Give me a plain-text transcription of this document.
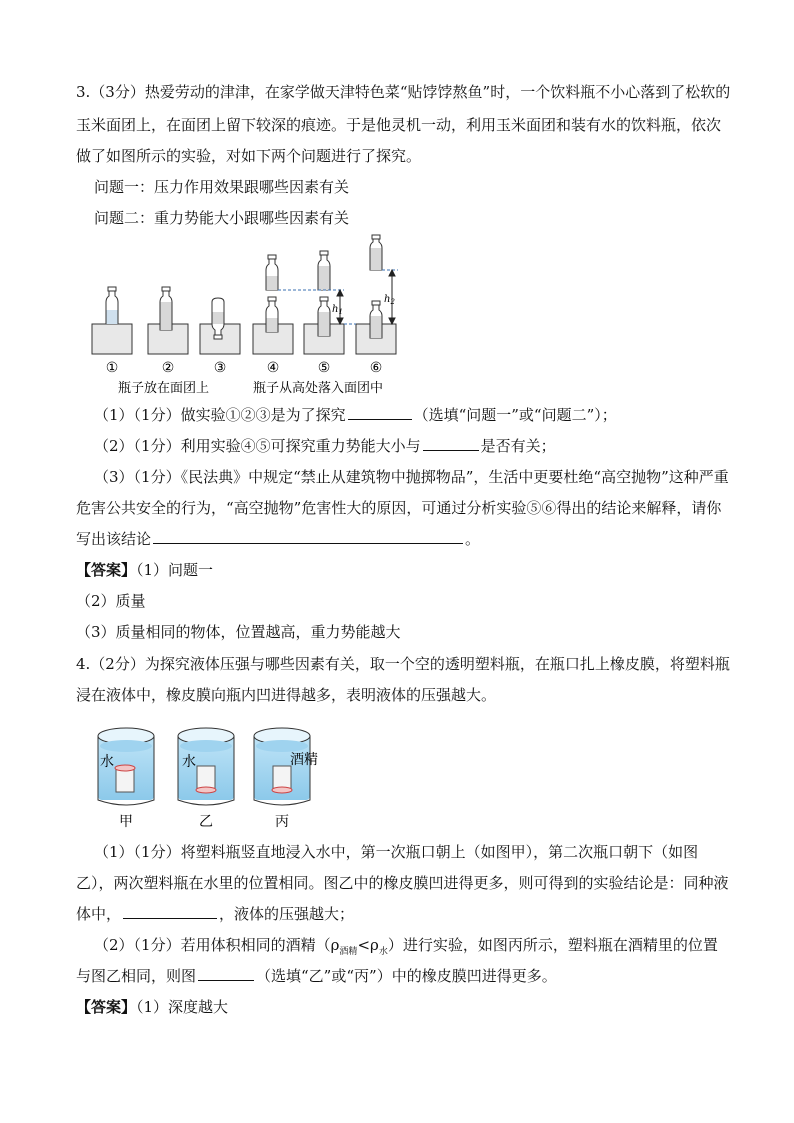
3.（3分）热爱劳动的津津，在家学做天津特色菜“贴饽饽熬鱼”时，一个饮料瓶不小心落到了松软的
玉米面团上，在面团上留下较深的痕迹。于是他灵机一动，利用玉米面团和装有水的饮料瓶，依次
做了如图所示的实验，对如下两个问题进行了探究。
问题一：压力作用效果跟哪些因素有关
问题二：重力势能大小跟哪些因素有关
$h_1$
$h_2$
①	②	③	④	⑤	⑥
瓶子放在面团上	瓶子从高处落入面团中
（1）（1分）做实验①②③是为了探究	（选填“问题一”或“问题二”）；
（2）（1分）利用实验④⑤可探究重力势能大小与	是否有关；
（3）（1分）《民法典》中规定“禁止从建筑物中抛掷物品”，生活中更要杜绝“高空抛物”这种严重
危害公共安全的行为，“高空抛物”危害性大的原因，可通过分析实验⑤⑥得出的结论来解释，请你
写出该结论	。
【答案】（1）问题一
（2）质量
（3）质量相同的物体，位置越高，重力势能越大
4.（2分）为探究液体压强与哪些因素有关，取一个空的透明塑料瓶，在瓶口扎上橡皮膜，将塑料瓶
浸在液体中，橡皮膜向瓶内凹进得越多，表明液体的压强越大。
水	水	酒精
甲	乙	丙
（1）（1分）将塑料瓶竖直地浸入水中，第一次瓶口朝上（如图甲），第二次瓶口朝下（如图
乙），两次塑料瓶在水里的位置相同。图乙中的橡皮膜凹进得更多，则可得到的实验结论是：同种液
体中，	，液体的压强越大；
（2）（1分）若用体积相同的酒精$(\rho_{酒精}<\rho_水)$进行实验，如图丙所示，塑料瓶在酒精里的位置
与图乙相同，则图	（选填“乙”或“丙”）中的橡皮膜凹进得更多。
【答案】（1）深度越大
